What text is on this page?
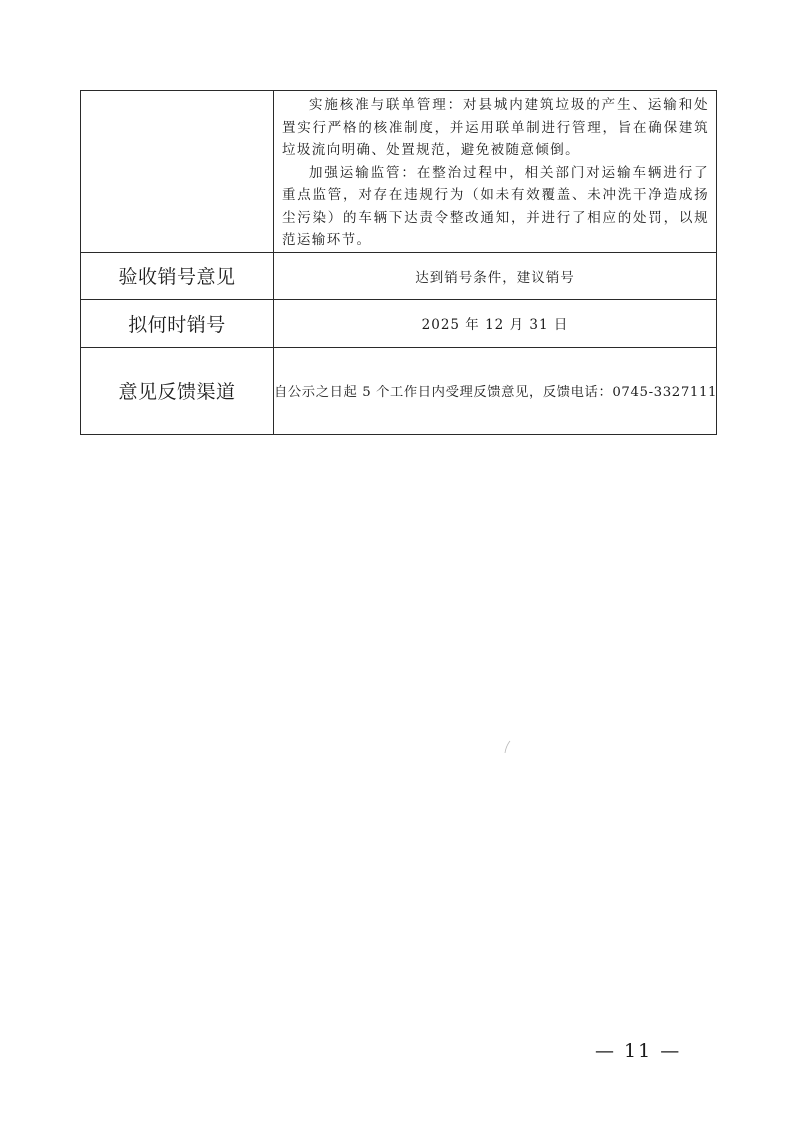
	实施核准与联单管理：对县城内建筑垃圾的产生、运输和处置实行严格的核准制度，并运用联单制进行管理，旨在确保建筑垃圾流向明确、处置规范，避免被随意倾倒。

加强运输监管：在整治过程中，相关部门对运输车辆进行了重点监管，对存在违规行为（如未有效覆盖、未冲洗干净造成扬尘污染）的车辆下达责令整改通知，并进行了相应的处罚，以规范运输环节。

验收销号意见	达到销号条件，建议销号
拟何时销号	2025 年 12 月 31 日
意见反馈渠道	自公示之日起 5 个工作日内受理反馈意见，反馈电话：0745-3327111
— 11 —
